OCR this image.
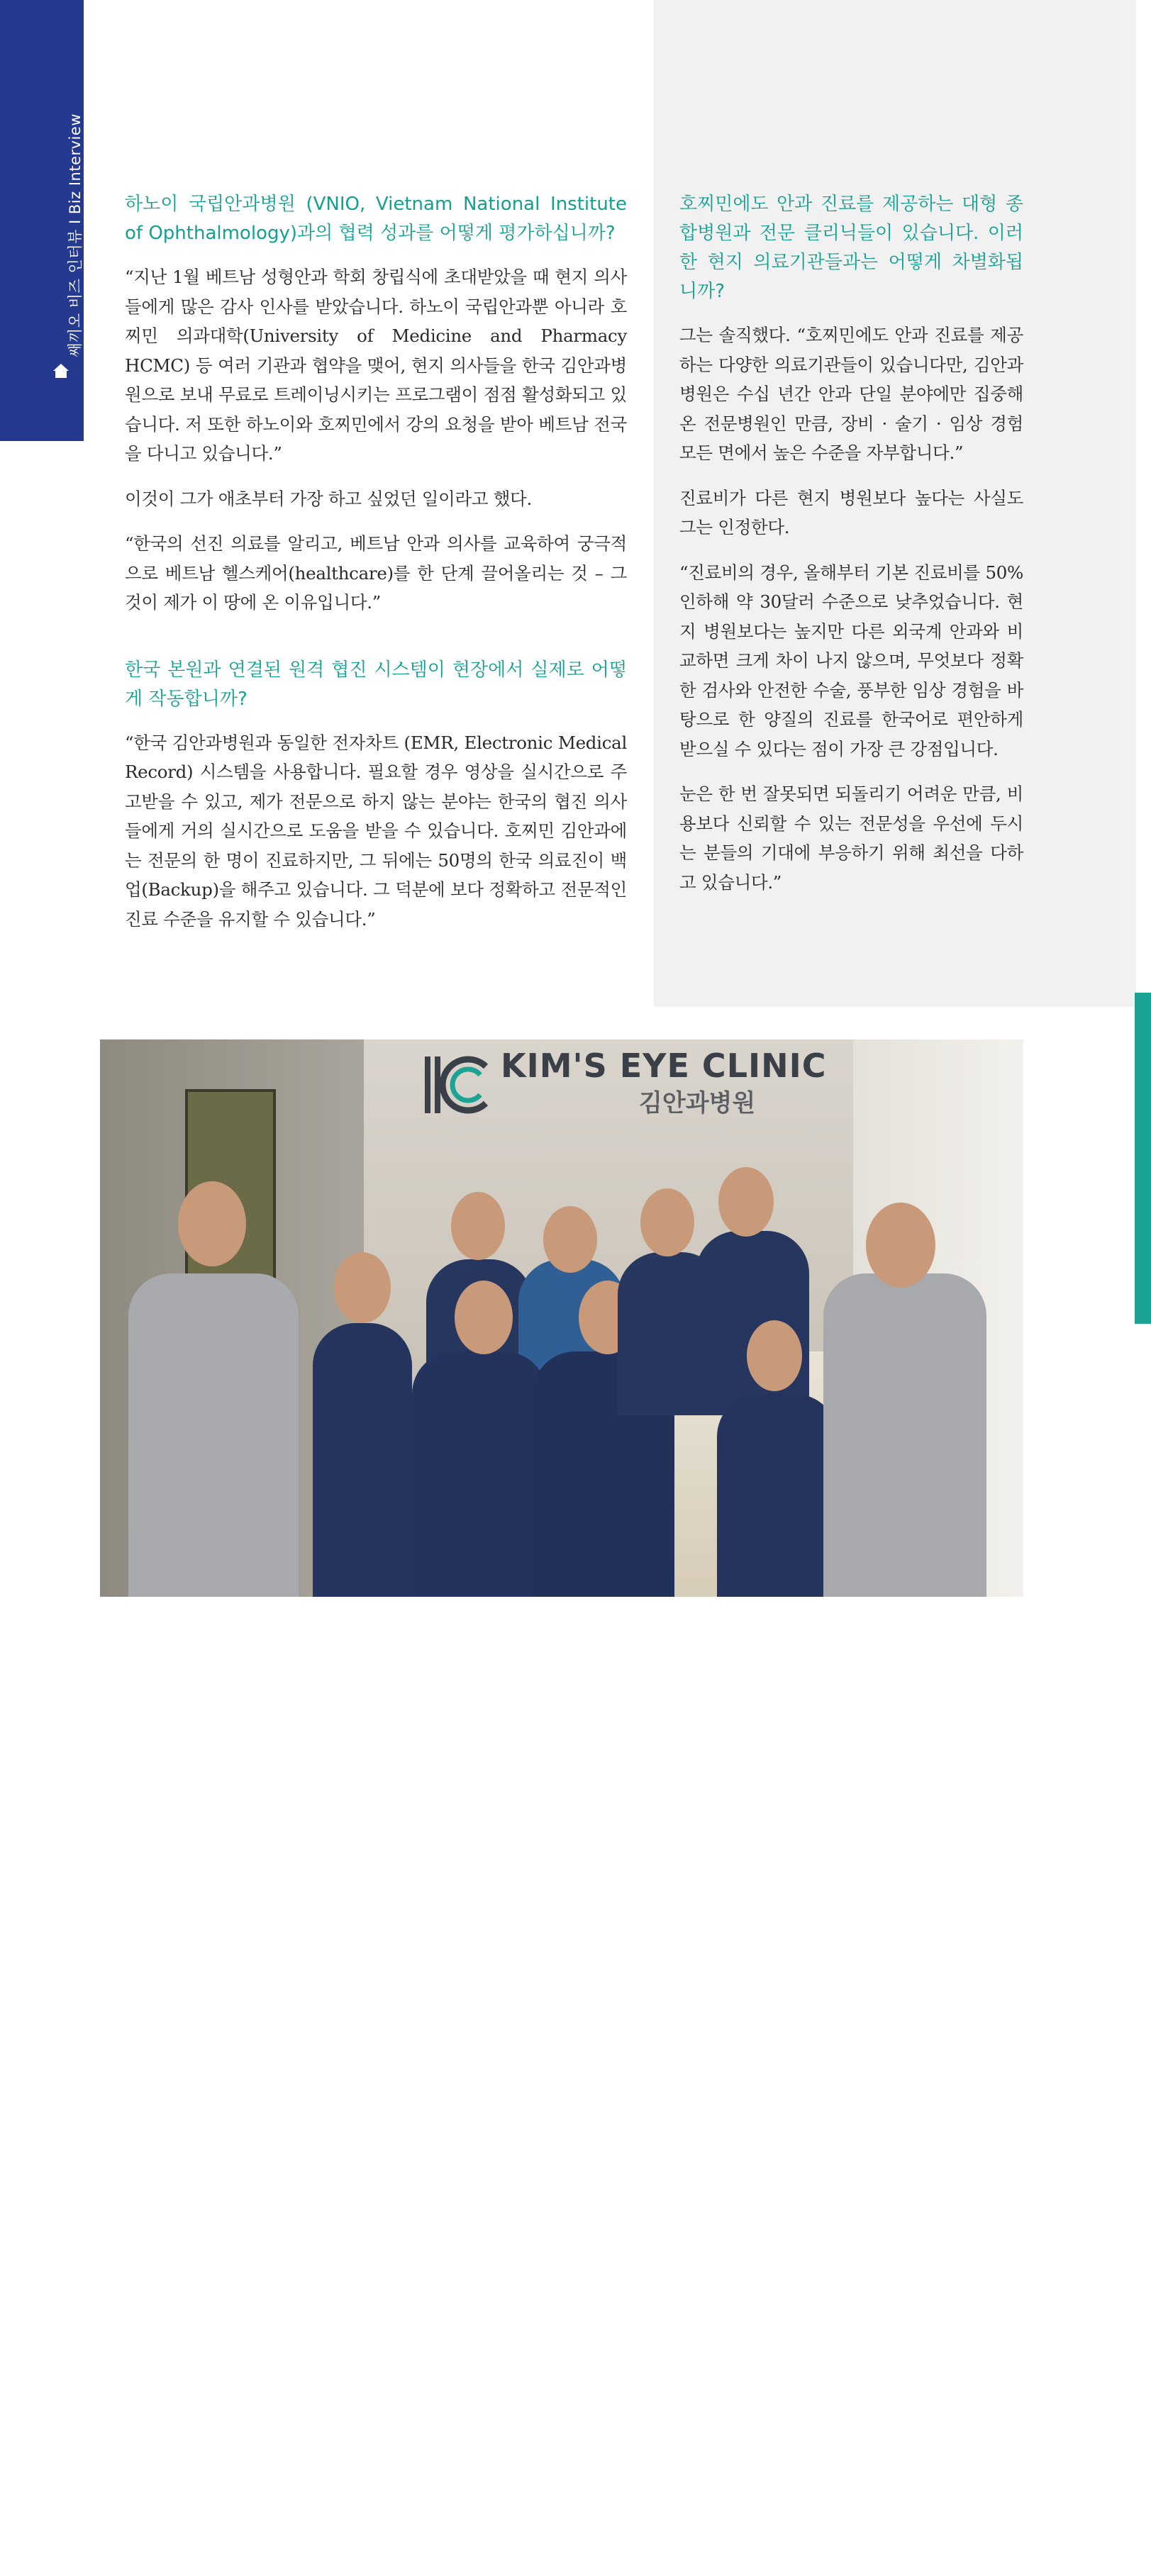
쌔끼오 비즈 인터뷰 I Biz Interview 하노이 국립안과병원 (VNIO, Vietnam National Institute of Ophthalmology)과의 협력 성과를 어떻게 평가하십니까?

“지난 1월 베트남 성형안과 학회 창립식에 초대받았을 때 현지 의사들에게 많은 감사 인사를 받았습니다. 하노이 국립안과뿐 아니라 호찌민 의과대학(University of Medicine and Pharmacy HCMC) 등 여러 기관과 협약을 맺어, 현지 의사들을 한국 김안과병원으로 보내 무료로 트레이닝시키는 프로그램이 점점 활성화되고 있습니다. 저 또한 하노이와 호찌민에서 강의 요청을 받아 베트남 전국을 다니고 있습니다.”

이것이 그가 애초부터 가장 하고 싶었던 일이라고 했다.

“한국의 선진 의료를 알리고, 베트남 안과 의사를 교육하여 궁극적으로 베트남 헬스케어(healthcare)를 한 단계 끌어올리는 것 – 그것이 제가 이 땅에 온 이유입니다.”

한국 본원과 연결된 원격 협진 시스템이 현장에서 실제로 어떻게 작동합니까?

“한국 김안과병원과 동일한 전자차트 (EMR, Electronic Medical Record) 시스템을 사용합니다. 필요할 경우 영상을 실시간으로 주고받을 수 있고, 제가 전문으로 하지 않는 분야는 한국의 협진 의사들에게 거의 실시간으로 도움을 받을 수 있습니다. 호찌민 김안과에는 전문의 한 명이 진료하지만, 그 뒤에는 50명의 한국 의료진이 백업(Backup)을 해주고 있습니다. 그 덕분에 보다 정확하고 전문적인 진료 수준을 유지할 수 있습니다.”

호찌민에도 안과 진료를 제공하는 대형 종합병원과 전문 클리닉들이 있습니다. 이러한 현지 의료기관들과는 어떻게 차별화됩니까?

그는 솔직했다. “호찌민에도 안과 진료를 제공하는 다양한 의료기관들이 있습니다만, 김안과병원은 수십 년간 안과 단일 분야에만 집중해 온 전문병원인 만큼, 장비 · 술기 · 임상 경험 모든 면에서 높은 수준을 자부합니다.”

진료비가 다른 현지 병원보다 높다는 사실도 그는 인정한다.

“진료비의 경우, 올해부터 기본 진료비를 50% 인하해 약 30달러 수준으로 낮추었습니다. 현지 병원보다는 높지만 다른 외국계 안과와 비교하면 크게 차이 나지 않으며, 무엇보다 정확한 검사와 안전한 수술, 풍부한 임상 경험을 바탕으로 한 양질의 진료를 한국어로 편안하게 받으실 수 있다는 점이 가장 큰 강점입니다.

눈은 한 번 잘못되면 되돌리기 어려운 만큼, 비용보다 신뢰할 수 있는 전문성을 우선에 두시는 분들의 기대에 부응하기 위해 최선을 다하고 있습니다.”

KIM'S EYE CLINIC
김안과병원
48
